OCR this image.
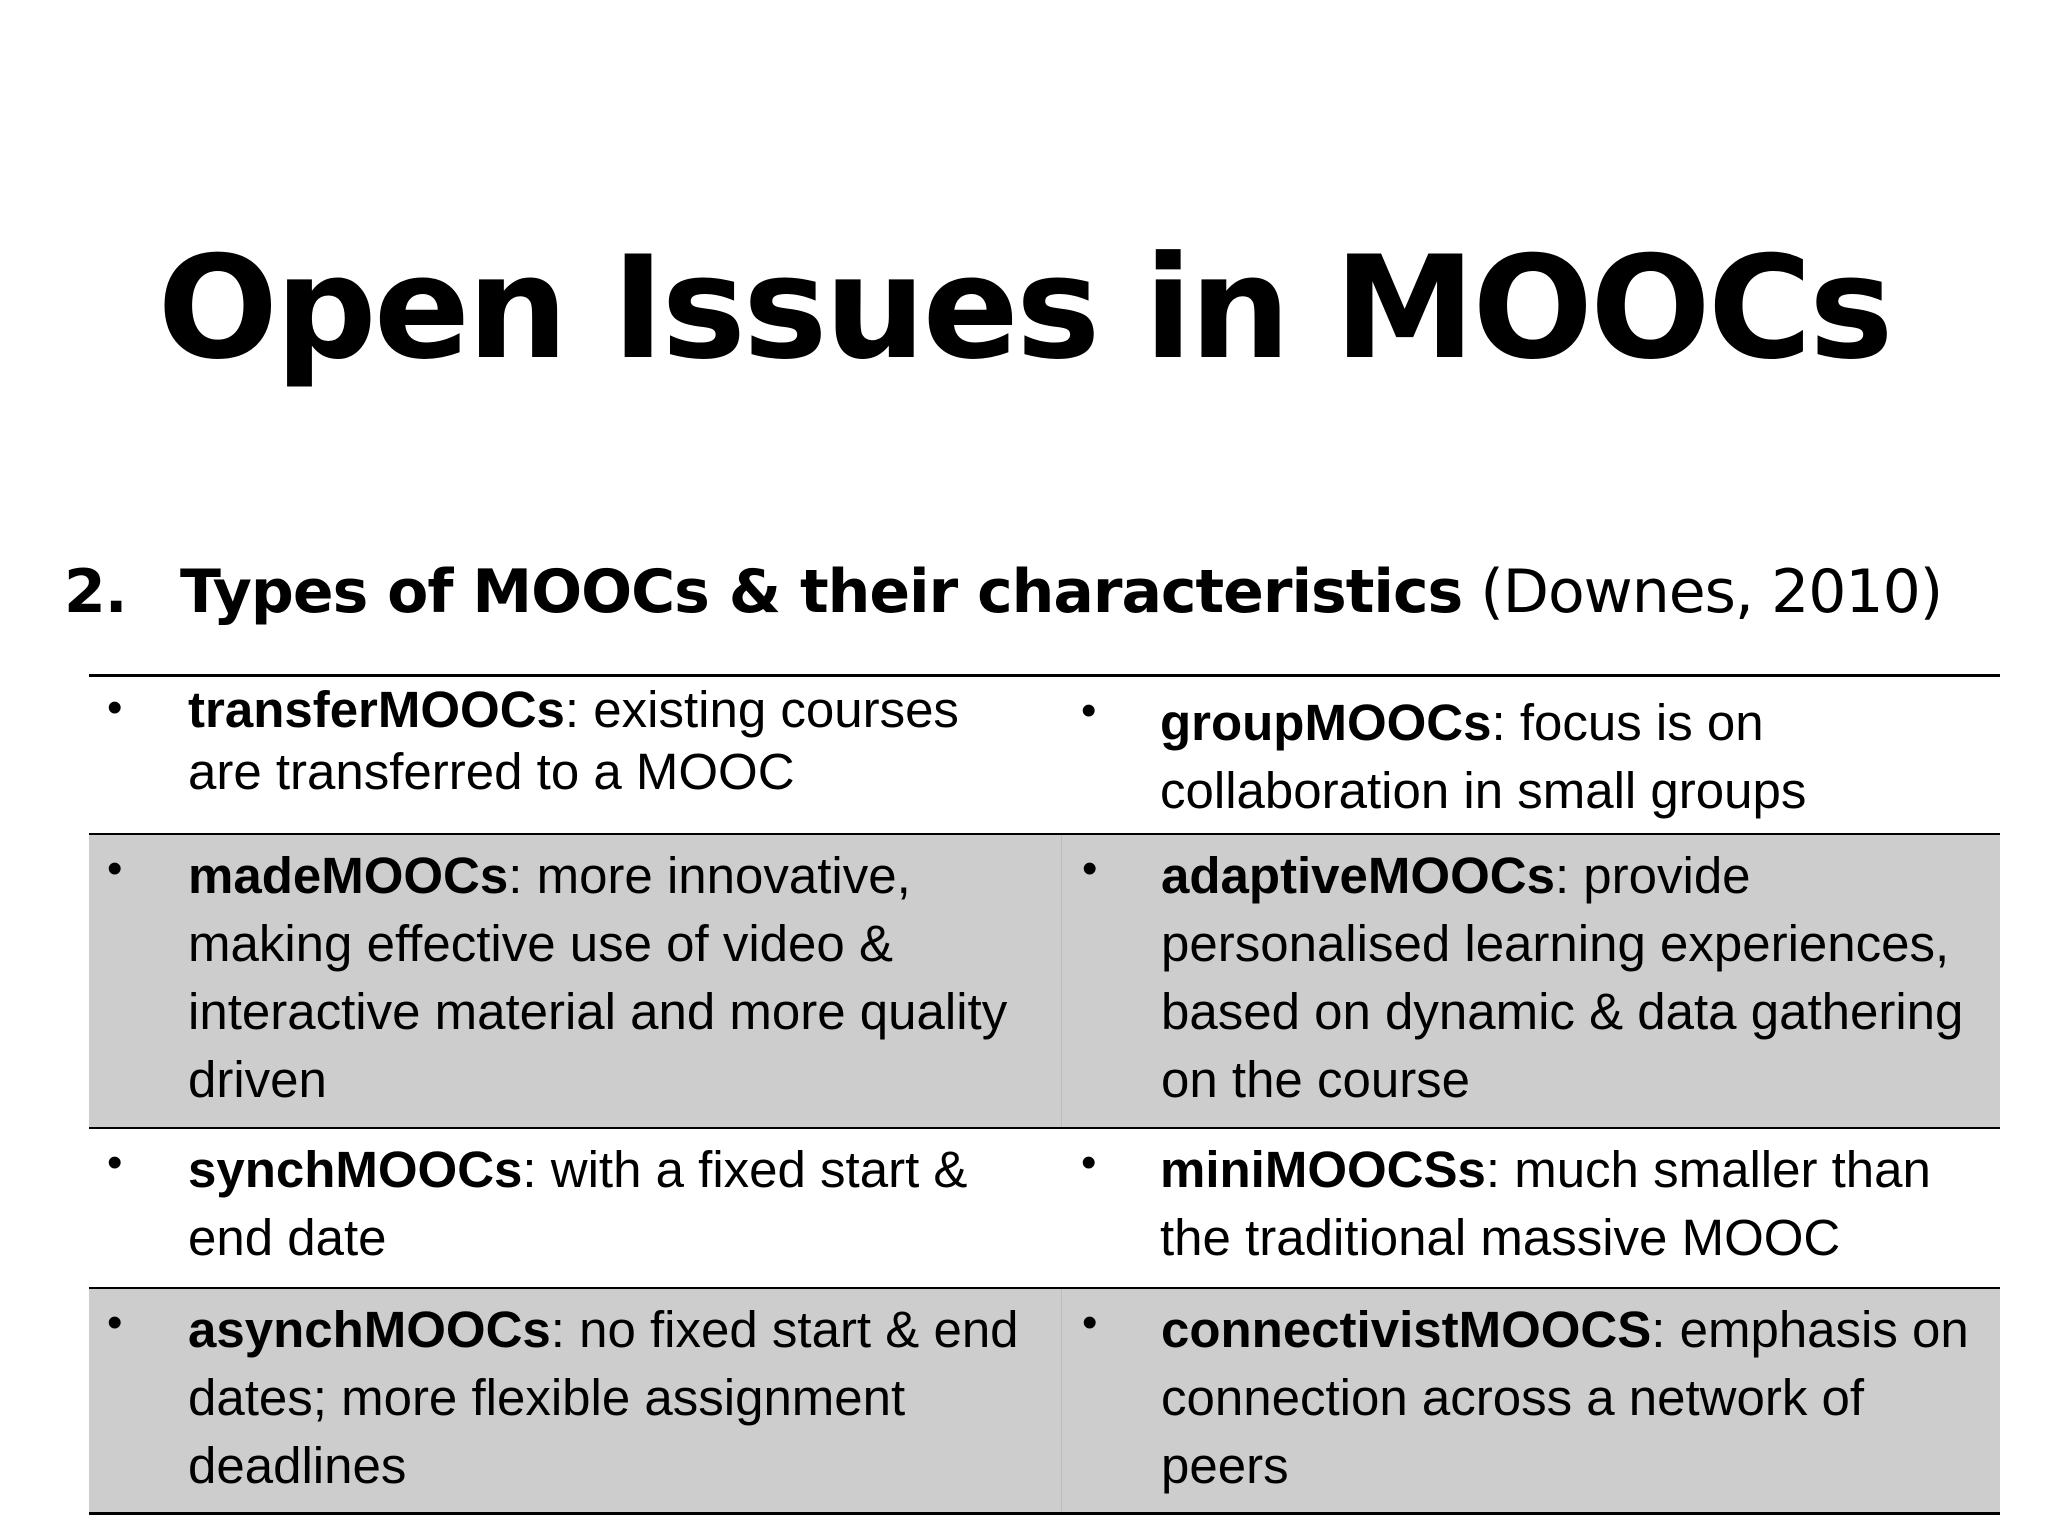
Open Issues in MOOCs
2. Types of MOOCs & their characteristics (Downes, 2010)
• transferMOOCs: existing courses are transferred to a MOOC
• groupMOOCs: focus is on collaboration in small groups
• madeMOOCs: more innovative, making effective use of video & interactive material and more quality driven
• adaptiveMOOCs: provide personalised learning experiences, based on dynamic & data gathering on the course
• synchMOOCs: with a fixed start & end date
• miniMOOCSs: much smaller than the traditional massive MOOC
• asynchMOOCs: no fixed start & end dates; more flexible assignment deadlines
• connectivistMOOCS: emphasis on connection across a network of peers
